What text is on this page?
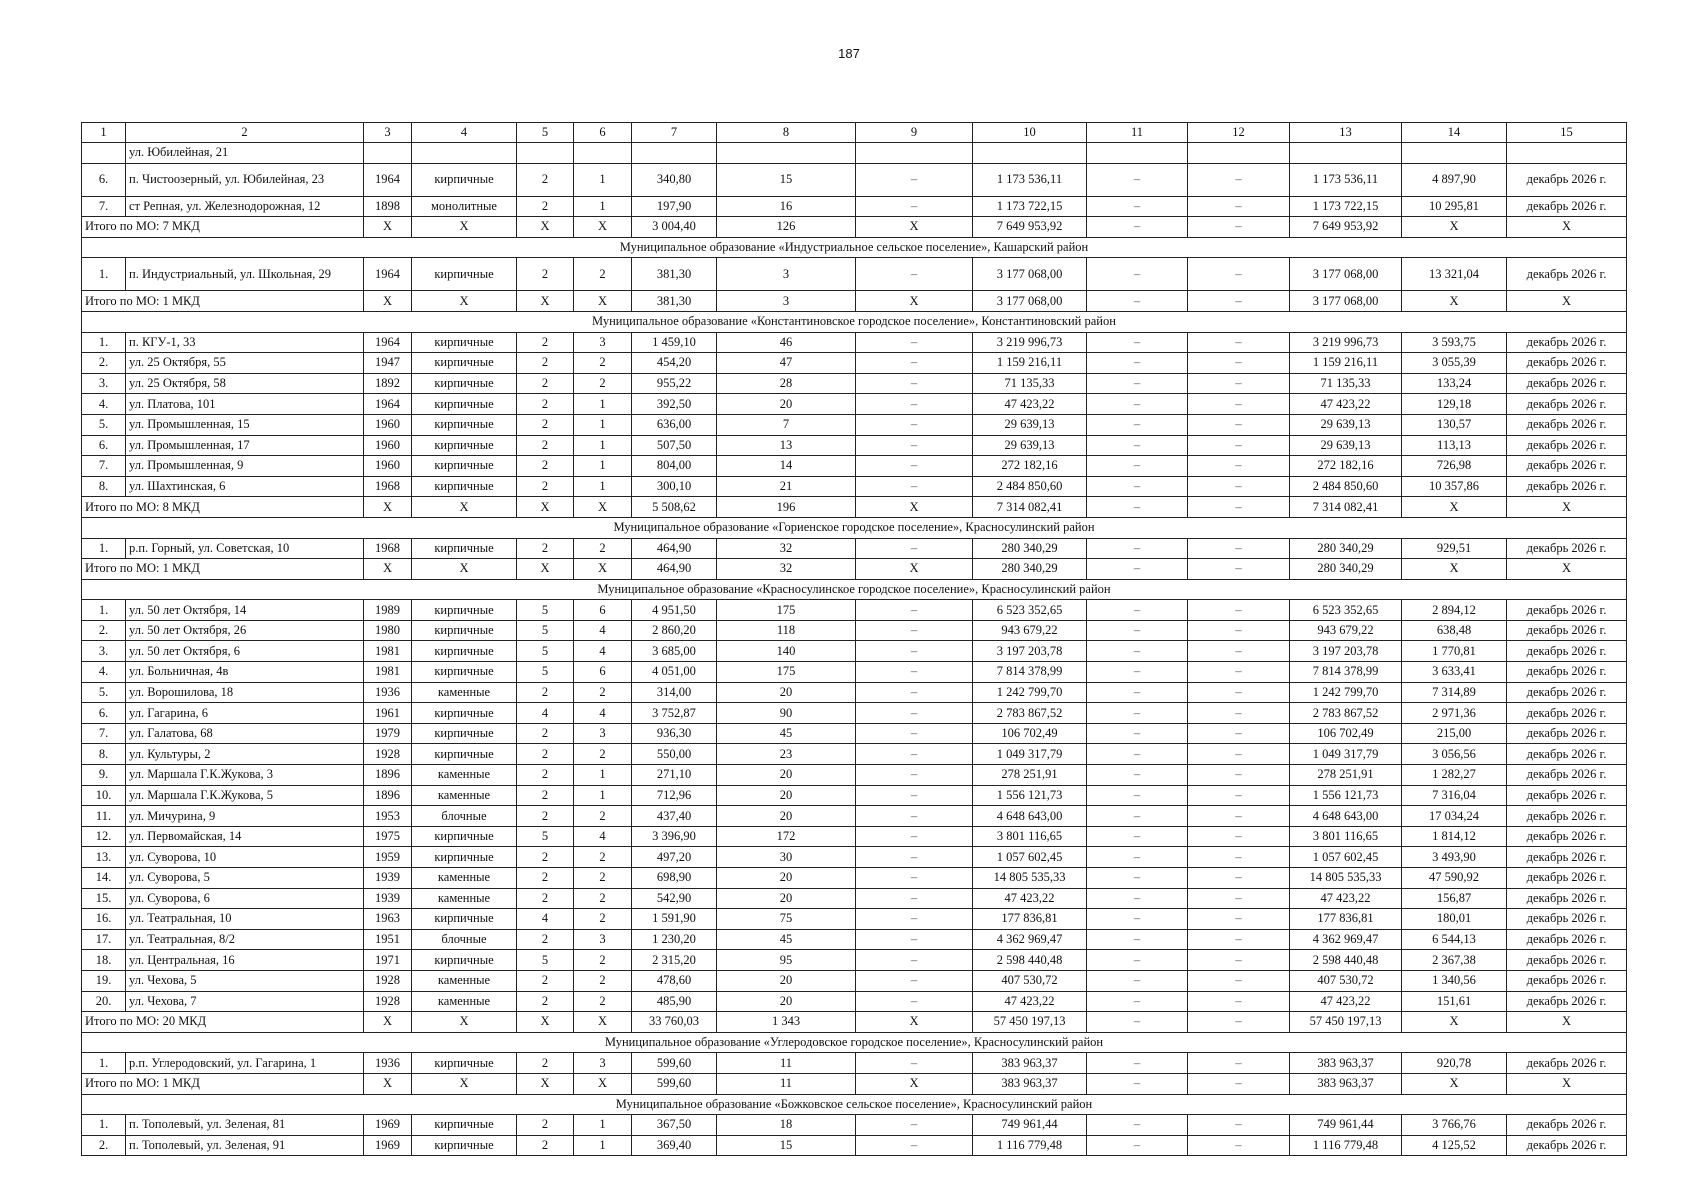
187
1	2	3	4	5	6	7	8	9	10	11	12	13	14	15
	ул. Юбилейная, 21													
6.	п. Чистоозерный, ул. Юбилейная, 23	1964	кирпичные	2	1	340,80	15	–	1 173 536,11	–	–	1 173 536,11	4 897,90	декабрь 2026 г.
7.	ст Репная, ул. Железнодорожная, 12	1898	монолитные	2	1	197,90	16	–	1 173 722,15	–	–	1 173 722,15	10 295,81	декабрь 2026 г.
Итого по МО: 7 МКД		X	X	X	X	3 004,40	126	X	7 649 953,92	–	–	7 649 953,92	X	X
Муниципальное образование «Индустриальное сельское поселение», Кашарский район														
1.	п. Индустриальный, ул. Школьная, 29	1964	кирпичные	2	2	381,30	3	–	3 177 068,00	–	–	3 177 068,00	13 321,04	декабрь 2026 г.
Итого по МО: 1 МКД		X	X	X	X	381,30	3	X	3 177 068,00	–	–	3 177 068,00	X	X
Муниципальное образование «Константиновское городское поселение», Константиновский район														
1.	п. КГУ-1, 33	1964	кирпичные	2	3	1 459,10	46	–	3 219 996,73	–	–	3 219 996,73	3 593,75	декабрь 2026 г.
2.	ул. 25 Октября, 55	1947	кирпичные	2	2	454,20	47	–	1 159 216,11	–	–	1 159 216,11	3 055,39	декабрь 2026 г.
3.	ул. 25 Октября, 58	1892	кирпичные	2	2	955,22	28	–	71 135,33	–	–	71 135,33	133,24	декабрь 2026 г.
4.	ул. Платова, 101	1964	кирпичные	2	1	392,50	20	–	47 423,22	–	–	47 423,22	129,18	декабрь 2026 г.
5.	ул. Промышленная, 15	1960	кирпичные	2	1	636,00	7	–	29 639,13	–	–	29 639,13	130,57	декабрь 2026 г.
6.	ул. Промышленная, 17	1960	кирпичные	2	1	507,50	13	–	29 639,13	–	–	29 639,13	113,13	декабрь 2026 г.
7.	ул. Промышленная, 9	1960	кирпичные	2	1	804,00	14	–	272 182,16	–	–	272 182,16	726,98	декабрь 2026 г.
8.	ул. Шахтинская, 6	1968	кирпичные	2	1	300,10	21	–	2 484 850,60	–	–	2 484 850,60	10 357,86	декабрь 2026 г.
Итого по МО: 8 МКД		X	X	X	X	5 508,62	196	X	7 314 082,41	–	–	7 314 082,41	X	X
Муниципальное образование «Гориенское городское поселение», Красносулинский район														
1.	р.п. Горный, ул. Советская, 10	1968	кирпичные	2	2	464,90	32	–	280 340,29	–	–	280 340,29	929,51	декабрь 2026 г.
Итого по МО: 1 МКД		X	X	X	X	464,90	32	X	280 340,29	–	–	280 340,29	X	X
Муниципальное образование «Красносулинское городское поселение», Красносулинский район														
1.	ул. 50 лет Октября, 14	1989	кирпичные	5	6	4 951,50	175	–	6 523 352,65	–	–	6 523 352,65	2 894,12	декабрь 2026 г.
2.	ул. 50 лет Октября, 26	1980	кирпичные	5	4	2 860,20	118	–	943 679,22	–	–	943 679,22	638,48	декабрь 2026 г.
3.	ул. 50 лет Октября, 6	1981	кирпичные	5	4	3 685,00	140	–	3 197 203,78	–	–	3 197 203,78	1 770,81	декабрь 2026 г.
4.	ул. Больничная, 4в	1981	кирпичные	5	6	4 051,00	175	–	7 814 378,99	–	–	7 814 378,99	3 633,41	декабрь 2026 г.
5.	ул. Ворошилова, 18	1936	каменные	2	2	314,00	20	–	1 242 799,70	–	–	1 242 799,70	7 314,89	декабрь 2026 г.
6.	ул. Гагарина, 6	1961	кирпичные	4	4	3 752,87	90	–	2 783 867,52	–	–	2 783 867,52	2 971,36	декабрь 2026 г.
7.	ул. Галатова, 68	1979	кирпичные	2	3	936,30	45	–	106 702,49	–	–	106 702,49	215,00	декабрь 2026 г.
8.	ул. Культуры, 2	1928	кирпичные	2	2	550,00	23	–	1 049 317,79	–	–	1 049 317,79	3 056,56	декабрь 2026 г.
9.	ул. Маршала Г.К.Жукова, 3	1896	каменные	2	1	271,10	20	–	278 251,91	–	–	278 251,91	1 282,27	декабрь 2026 г.
10.	ул. Маршала Г.К.Жукова, 5	1896	каменные	2	1	712,96	20	–	1 556 121,73	–	–	1 556 121,73	7 316,04	декабрь 2026 г.
11.	ул. Мичурина, 9	1953	блочные	2	2	437,40	20	–	4 648 643,00	–	–	4 648 643,00	17 034,24	декабрь 2026 г.
12.	ул. Первомайская, 14	1975	кирпичные	5	4	3 396,90	172	–	3 801 116,65	–	–	3 801 116,65	1 814,12	декабрь 2026 г.
13.	ул. Суворова, 10	1959	кирпичные	2	2	497,20	30	–	1 057 602,45	–	–	1 057 602,45	3 493,90	декабрь 2026 г.
14.	ул. Суворова, 5	1939	каменные	2	2	698,90	20	–	14 805 535,33	–	–	14 805 535,33	47 590,92	декабрь 2026 г.
15.	ул. Суворова, 6	1939	каменные	2	2	542,90	20	–	47 423,22	–	–	47 423,22	156,87	декабрь 2026 г.
16.	ул. Театральная, 10	1963	кирпичные	4	2	1 591,90	75	–	177 836,81	–	–	177 836,81	180,01	декабрь 2026 г.
17.	ул. Театральная, 8/2	1951	блочные	2	3	1 230,20	45	–	4 362 969,47	–	–	4 362 969,47	6 544,13	декабрь 2026 г.
18.	ул. Центральная, 16	1971	кирпичные	5	2	2 315,20	95	–	2 598 440,48	–	–	2 598 440,48	2 367,38	декабрь 2026 г.
19.	ул. Чехова, 5	1928	каменные	2	2	478,60	20	–	407 530,72	–	–	407 530,72	1 340,56	декабрь 2026 г.
20.	ул. Чехова, 7	1928	каменные	2	2	485,90	20	–	47 423,22	–	–	47 423,22	151,61	декабрь 2026 г.
Итого по МО: 20 МКД		X	X	X	X	33 760,03	1 343	X	57 450 197,13	–	–	57 450 197,13	X	X
Муниципальное образование «Углеродовское городское поселение», Красносулинский район														
1.	р.п. Углеродовский, ул. Гагарина, 1	1936	кирпичные	2	3	599,60	11	–	383 963,37	–	–	383 963,37	920,78	декабрь 2026 г.
Итого по МО: 1 МКД		X	X	X	X	599,60	11	X	383 963,37	–	–	383 963,37	X	X
Муниципальное образование «Божковское сельское поселение», Красносулинский район														
1.	п. Тополевый, ул. Зеленая, 81	1969	кирпичные	2	1	367,50	18	–	749 961,44	–	–	749 961,44	3 766,76	декабрь 2026 г.
2.	п. Тополевый, ул. Зеленая, 91	1969	кирпичные	2	1	369,40	15	–	1 116 779,48	–	–	1 116 779,48	4 125,52	декабрь 2026 г.
